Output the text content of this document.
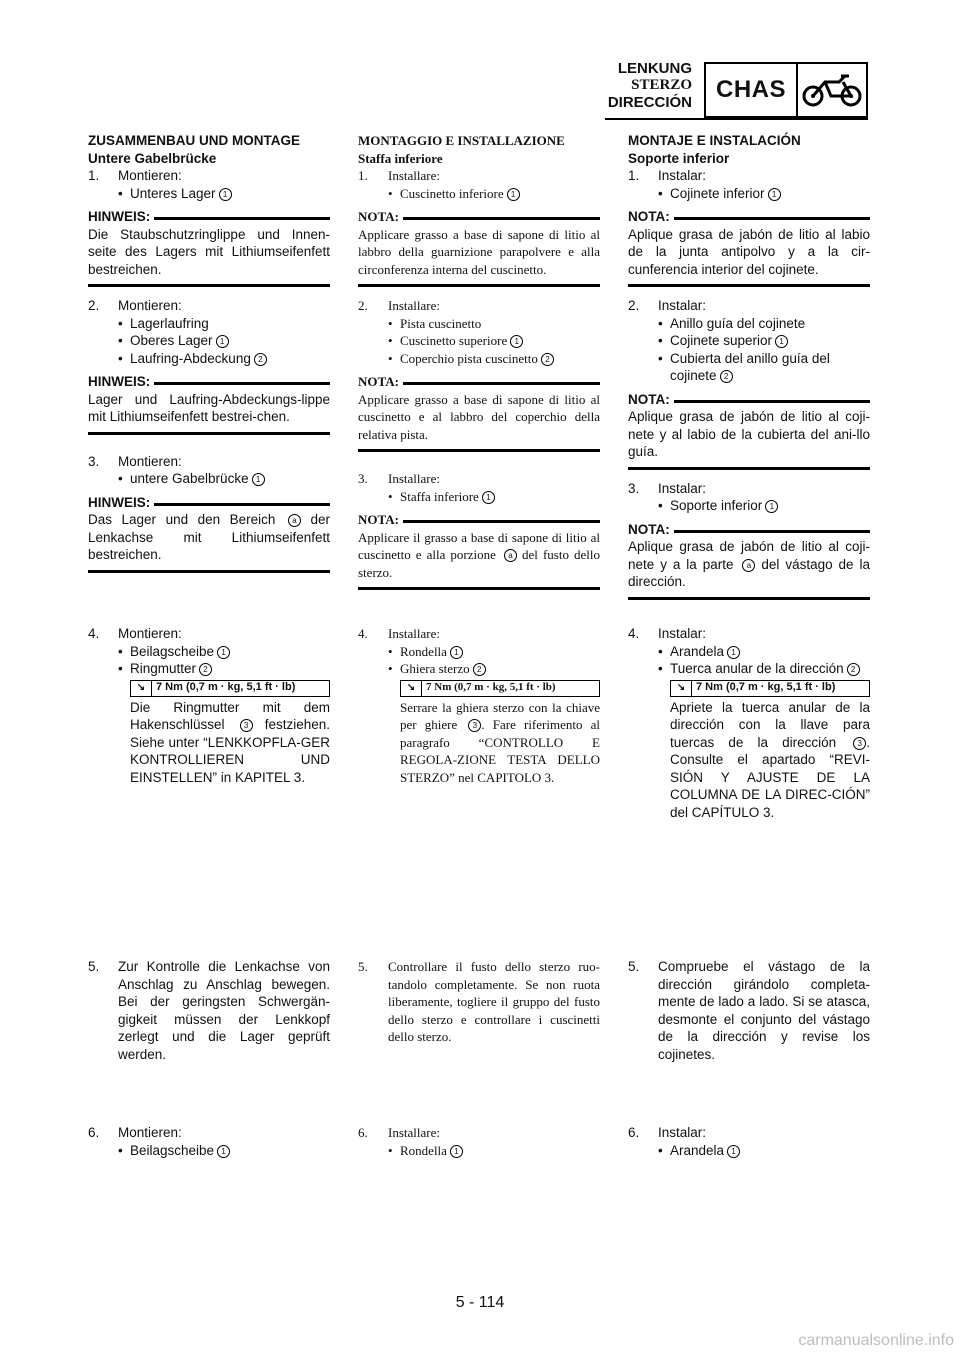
LENKUNG
STERZO
DIRECCIÓN CHAS
ZUSAMMENBAU UND MONTAGE
Untere Gabelbrücke
1.	Montieren:
• Unteres Lager 1
HINWEIS:
Die Staubschutzringlippe und Innen-seite des Lagers mit Lithiumseifenfett bestreichen.
2.	Montieren:
• Lagerlaufring
• Oberes Lager 1
• Laufring-Abdeckung 2
HINWEIS:
Lager und Laufring-Abdeckungs-lippe mit Lithiumseifenfett bestrei-chen.
3.	Montieren:
• untere Gabelbrücke 1
HINWEIS:
Das Lager und den Bereich a der Lenkachse mit Lithiumseifenfett bestreichen.
4.	Montieren:
• Beilagscheibe 1
• Ringmutter 2
↘ 7 Nm (0,7 m · kg, 5,1 ft · lb)
Die Ringmutter mit dem Hakenschlüssel 3 festziehen. Siehe unter “LENKKOPFLA-GER KONTROLLIEREN UND EINSTELLEN” in KAPITEL 3.
5.	Zur Kontrolle die Lenkachse von Anschlag zu Anschlag bewegen. Bei der geringsten Schwergän-gigkeit müssen der Lenkkopf zerlegt und die Lager geprüft werden.
6.	Montieren:
• Beilagscheibe 1
MONTAGGIO E INSTALLAZIONE
Staffa inferiore
1.	Installare:
• Cuscinetto inferiore 1
NOTA:
Applicare grasso a base di sapone di litio al labbro della guarnizione parapolvere e alla circonferenza interna del cuscinetto.
2.	Installare:
• Pista cuscinetto
• Cuscinetto superiore 1
• Coperchio pista cuscinetto 2
NOTA:
Applicare grasso a base di sapone di litio al cuscinetto e al labbro del coperchio della relativa pista.
3.	Installare:
• Staffa inferiore 1
NOTA:
Applicare il grasso a base di sapone di litio al cuscinetto e alla porzione a del fusto dello sterzo.
4.	Installare:
• Rondella 1
• Ghiera sterzo 2
↘ 7 Nm (0,7 m · kg, 5,1 ft · lb)
Serrare la ghiera sterzo con la chiave per ghiere 3 . Fare riferimento al paragrafo “CONTROLLO E REGOLA-ZIONE TESTA DELLO STERZO” nel CAPITOLO 3.
5.	Controllare il fusto dello sterzo ruo-tandolo completamente. Se non ruota liberamente, togliere il gruppo del fusto dello sterzo e controllare i cuscinetti dello sterzo.
6.	Installare:
• Rondella 1
MONTAJE E INSTALACIÓN
Soporte inferior
1.	Instalar:
• Cojinete inferior 1
NOTA:
Aplique grasa de jabón de litio al labio de la junta antipolvo y a la cir-cunferencia interior del cojinete.
2.	Instalar:
• Anillo guía del cojinete
• Cojinete superior 1
• Cubierta del anillo guía del cojinete 2
NOTA:
Aplique grasa de jabón de litio al coji-nete y al labio de la cubierta del ani-llo guía.
3.	Instalar:
• Soporte inferior 1
NOTA:
Aplique grasa de jabón de litio al coji-nete y a la parte a del vástago de la dirección.
4.	Instalar:
• Arandela 1
• Tuerca anular de la dirección 2
↘ 7 Nm (0,7 m · kg, 5,1 ft · lb)
Apriete la tuerca anular de la dirección con la llave para tuercas de la dirección	3 . Consulte el apartado “REVI-SIÓN Y AJUSTE DE LA COLUMNA DE LA DIREC-CIÓN” del CAPÍTULO 3.
5.	Compruebe el vástago de la dirección girándolo completa-mente de lado a lado. Si se atasca, desmonte el conjunto del vástago de la dirección y revise los cojinetes.
6.	Instalar:
• Arandela 1
5 - 114
carmanualsonline.info
